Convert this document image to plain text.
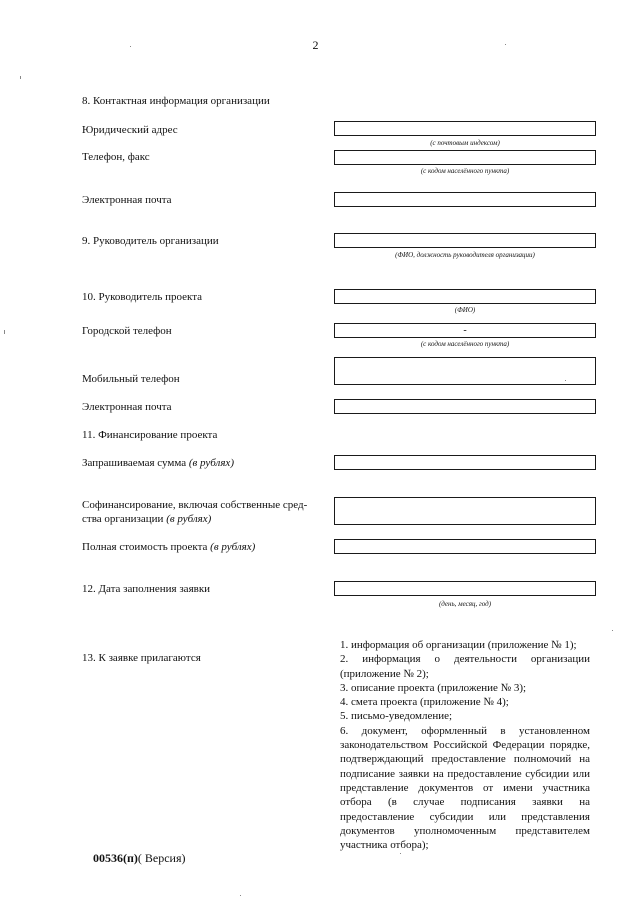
2
8. Контактная информация организации
Юридический адрес
(с почтовым индексом)
Телефон, факс
(с кодом населённого пункта)
Электронная почта
9. Руководитель организации
(ФИО, должность руководителя организации)
10. Руководитель проекта
(ФИО)
Городской телефон	-
(с кодом населённого пункта)
Мобильный телефон
Электронная почта
11. Финансирование проекта
Запрашиваемая сумма (в рублях)
Софинансирование, включая собственные сред-
ства организации (в рублях)
Полная стоимость проекта (в рублях)
12. Дата заполнения заявки
(день, месяц, год)
13. К заявке прилагаются

1. информация об организации (приложение № 1);

2. информация о деятельности организации (приложение № 2);

3. описание проекта (приложение № 3);

4. смета проекта (приложение № 4);

5. письмо-уведомление;

6. документ, оформленный в установленном законодательством Российской Федерации порядке, подтверждающий предоставление полномочий на подписание заявки на предоставление субсидии или представление документов от имени участника отбора (в случае подписания заявки на предоставление субсидии или представления документов уполномоченным представителем участника отбора);

00536(п)( Версия)
